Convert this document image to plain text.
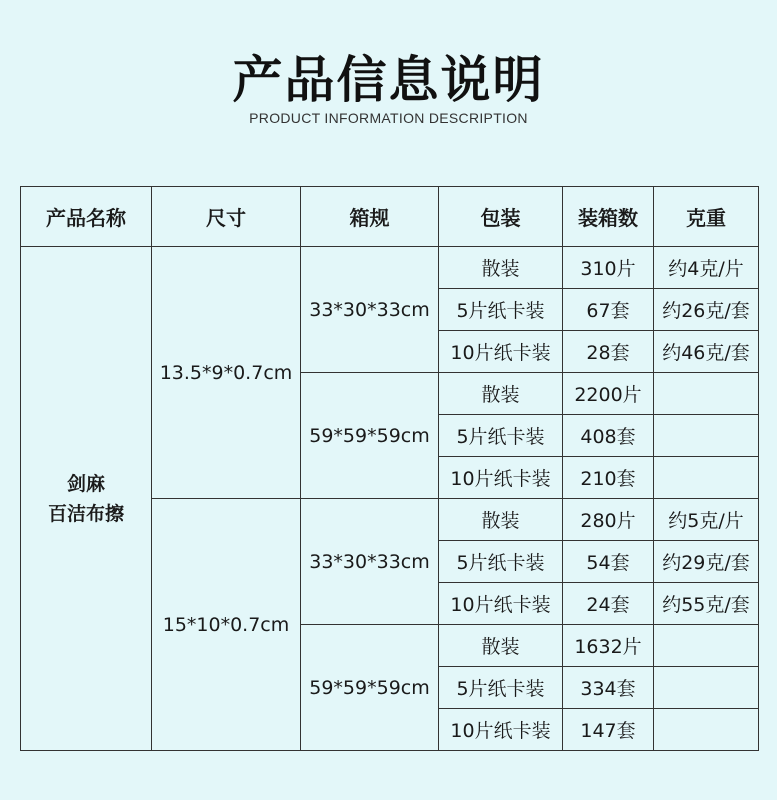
产品信息说明
PRODUCT INFORMATION DESCRIPTION
产品名称	尺寸	箱规	包装	装箱数	克重

剑麻
百洁布擦	13.5*9*0.7cm	33*30*33cm	散装	310片	约4克/片
			5片纸卡装	67套	约26克/套
			10片纸卡装	28套	约46克/套
		59*59*59cm	散装	2200片	
			5片纸卡装	408套	
			10片纸卡装	210套	
	15*10*0.7cm	33*30*33cm	散装	280片	约5克/片
			5片纸卡装	54套	约29克/套
			10片纸卡装	24套	约55克/套
		59*59*59cm	散装	1632片	
			5片纸卡装	334套	
			10片纸卡装	147套	
